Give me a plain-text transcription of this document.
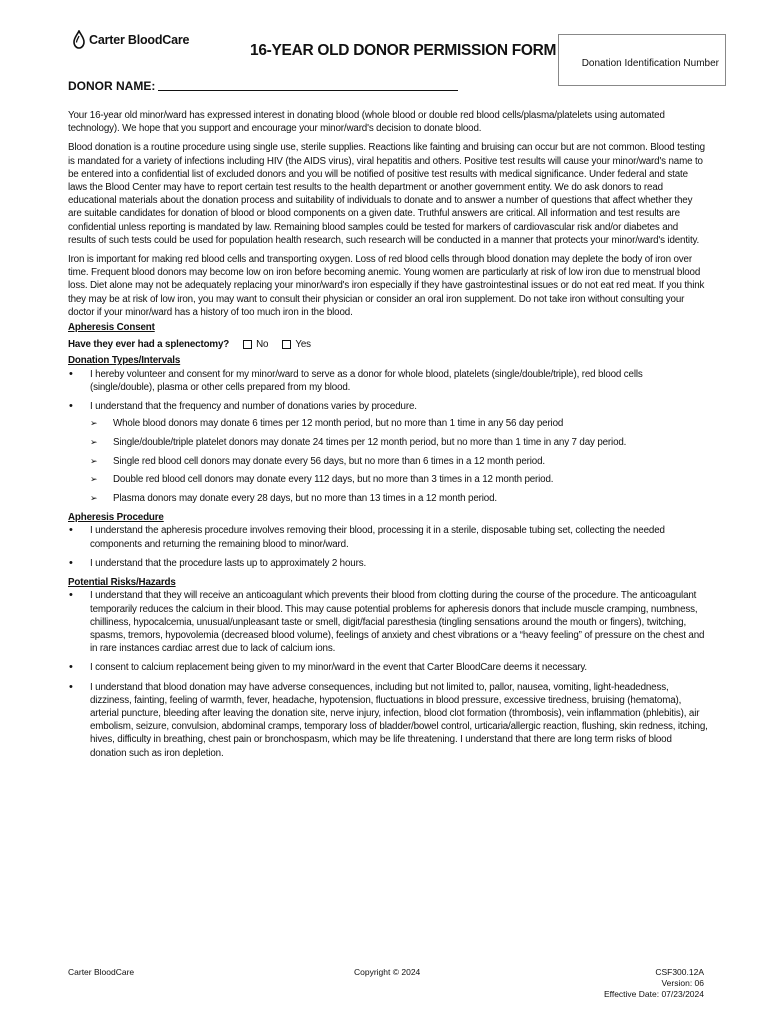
Carter BloodCare
16-YEAR OLD DONOR PERMISSION FORM
Donation Identification Number
DONOR NAME:

Your 16-year old minor/ward has expressed interest in donating blood (whole blood or double red blood cells/plasma/platelets using automated technology). We hope that you support and encourage your minor/ward's decision to donate blood.

Blood donation is a routine procedure using single use, sterile supplies. Reactions like fainting and bruising can occur but are not common. Blood testing is mandated for a variety of infections including HIV (the AIDS virus), viral hepatitis and others. Positive test results will cause your minor/ward's name to be entered into a confidential list of excluded donors and you will be notified of positive test results with medical significance. Under federal and state laws the Blood Center may have to report certain test results to the health department or another government entity. We do ask donors to read educational materials about the donation process and suitability of individuals to donate and to answer a number of questions that affect whether they are suitable candidates for donation of blood or blood components on a given date. Truthful answers are critical. All information and test results are confidential unless reporting is mandated by law. Remaining blood samples could be tested for markers of cardiovascular risk and/or diabetes and results of such tests could be used for population health research, such research will be conducted in a manner that protects your minor/ward's identity.

Iron is important for making red blood cells and transporting oxygen. Loss of red blood cells through blood donation may deplete the body of iron over time. Frequent blood donors may become low on iron before becoming anemic. Young women are particularly at risk of low iron due to menstrual blood loss. Diet alone may not be adequately replacing your minor/ward's iron especially if they have gastrointestinal issues or do not eat red meat. If you think they may be at risk of low iron, you may want to consult their physician or consider an oral iron supplement. Do not take iron without consulting your doctor if your minor/ward has a history of too much iron in the blood.

Apheresis Consent
Have they ever had a splenectomy?	No	Yes
Donation Types/Intervals
• I hereby volunteer and consent for my minor/ward to serve as a donor for whole blood, platelets (single/double/triple), red blood cells (single/double), plasma or other cells prepared from my blood.
• I understand that the frequency and number of donations varies by procedure.
➢ Whole blood donors may donate 6 times per 12 month period, but no more than 1 time in any 56 day period
➢ Single/double/triple platelet donors may donate 24 times per 12 month period, but no more than 1 time in any 7 day period.
➢ Single red blood cell donors may donate every 56 days, but no more than 6 times in a 12 month period.
➢ Double red blood cell donors may donate every 112 days, but no more than 3 times in a 12 month period.
➢ Plasma donors may donate every 28 days, but no more than 13 times in a 12 month period.
Apheresis Procedure
• I understand the apheresis procedure involves removing their blood, processing it in a sterile, disposable tubing set, collecting the needed components and returning the remaining blood to minor/ward.
• I understand that the procedure lasts up to approximately 2 hours.
Potential Risks/Hazards
• I understand that they will receive an anticoagulant which prevents their blood from clotting during the course of the procedure. The anticoagulant temporarily reduces the calcium in their blood. This may cause potential problems for apheresis donors that include muscle cramping, numbness, chilliness, hypocalcemia, unusual/unpleasant taste or smell, digit/facial paresthesia (tingling sensations around the mouth or fingers), twitching, spasms, tremors, hypovolemia (decreased blood volume), feelings of anxiety and chest vibrations or a “heavy feeling” of pressure on the chest and in rare instances cardiac arrest due to lack of calcium ions.
• I consent to calcium replacement being given to my minor/ward in the event that Carter BloodCare deems it necessary.
• I understand that blood donation may have adverse consequences, including but not limited to, pallor, nausea, vomiting, light-headedness, dizziness, fainting, feeling of warmth, fever, headache, hypotension, fluctuations in blood pressure, excessive tiredness, bruising (hematoma), arterial puncture, bleeding after leaving the donation site, nerve injury, infection, blood clot formation (thrombosis), vein inflammation (phlebitis), air embolism, seizure, convulsion, abdominal cramps, temporary loss of bladder/bowel control, urticaria/allergic reaction, flushing, skin redness, itching, hives, difficulty in breathing, chest pain or bronchospasm, which may be life threatening. I understand that there are long term risks of blood donation such as iron depletion.
Carter BloodCare	Copyright © 2024	CSF300.12A
Version: 06
Effective Date: 07/23/2024
